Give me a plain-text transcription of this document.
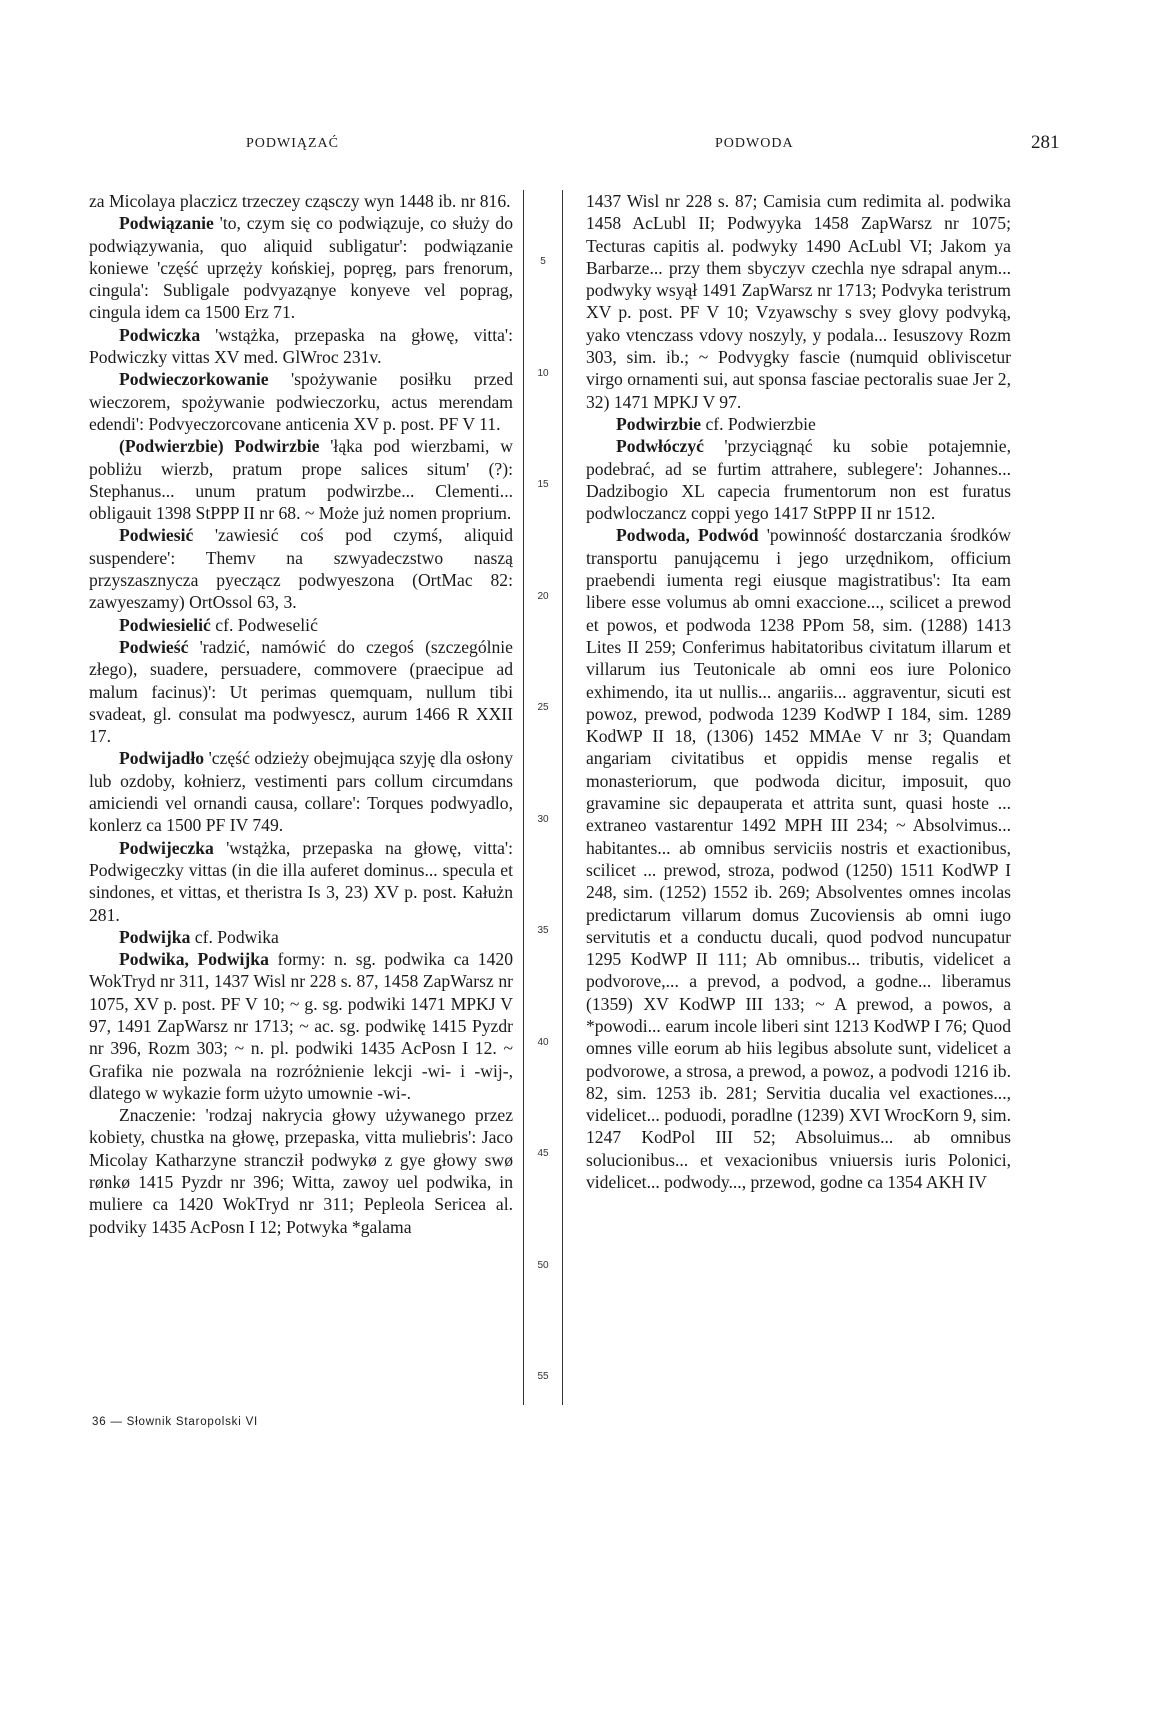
PODWIĄZAĆ	PODWODA	281

za Micolaya placzicz trzeczey cząsczy wyn 1448 ib. nr 816.

Podwiązanie 'to, czym się co podwiązuje, co służy do podwiązywania, quo aliquid subligatur': podwiązanie koniewe 'część uprzęży końskiej, popręg, pars frenorum, cingula': Subligale podvyaząnye konyeve vel poprag, cingula idem ca 1500 Erz 71.

Podwiczka 'wstążka, przepaska na głowę, vitta': Podwiczky vittas XV med. GlWroc 231v.

Podwieczorkowanie 'spożywanie posiłku przed wieczorem, spożywanie podwieczorku, actus merendam edendi': Podvyeczorcovane anticenia XV p. post. PF V 11.

(Podwierzbie) Podwirzbie 'łąka pod wierzbami, w pobliżu wierzb, pratum prope salices situm' (?): Stephanus... unum pratum podwirzbe... Clementi... obligauit 1398 StPPP II nr 68. ~ Może już nomen proprium.

Podwiesić 'zawiesić coś pod czymś, aliquid suspendere': Themv na szwyadeczstwo naszą przyszasznycza pyeczącz podwyeszona (OrtMac 82: zawyeszamy) OrtOssol 63, 3.

Podwiesielić cf. Podweselić

Podwieść 'radzić, namówić do czegoś (szczególnie złego), suadere, persuadere, commovere (praecipue ad malum facinus)': Ut perimas quemquam, nullum tibi svadeat, gl. consulat ma podwyescz, aurum 1466 R XXII 17.

Podwijadło 'część odzieży obejmująca szyję dla osłony lub ozdoby, kołnierz, vestimenti pars collum circumdans amiciendi vel ornandi causa, collare': Torques podwyadlo, konlerz ca 1500 PF IV 749.

Podwijeczka 'wstążka, przepaska na głowę, vitta': Podwigeczky vittas (in die illa auferet dominus... specula et sindones, et vittas, et theristra Is 3, 23) XV p. post. Kałużn 281.

Podwijka cf. Podwika

Podwika, Podwijka formy: n. sg. podwika ca 1420 WokTryd nr 311, 1437 Wisl nr 228 s. 87, 1458 ZapWarsz nr 1075, XV p. post. PF V 10; ~ g. sg. podwiki 1471 MPKJ V 97, 1491 ZapWarsz nr 1713; ~ ac. sg. podwikę 1415 Pyzdr nr 396, Rozm 303; ~ n. pl. podwiki 1435 AcPosn I 12. ~ Grafika nie pozwala na rozróżnienie lekcji -wi- i -wij-, dlatego w wykazie form użyto umownie -wi-.

Znaczenie: 'rodzaj nakrycia głowy używanego przez kobiety, chustka na głowę, przepaska, vitta muliebris': Jaco Micolay Katharzyne strancził podwykø z gye głowy swø rønkø 1415 Pyzdr nr 396; Witta, zawoy uel podwika, in muliere ca 1420 WokTryd nr 311; Pepleola Sericea al. podviky 1435 AcPosn I 12; Potwyka *galama

5
10
15
20
25
30
35
40
45
50
55

1437 Wisl nr 228 s. 87; Camisia cum redimita al. podwika 1458 AcLubl II; Podwyyka 1458 ZapWarsz nr 1075; Tecturas capitis al. podwyky 1490 AcLubl VI; Jakom ya Barbarze... przy them sbyczyv czechla nye sdrapal anym... podwyky wsyął 1491 ZapWarsz nr 1713; Podvyka teristrum XV p. post. PF V 10; Vzyawschy s svey glovy podvyką, yako vtenczass vdovy noszyly, y podala... Iesuszovy Rozm 303, sim. ib.; ~ Podvygky fascie (numquid obliviscetur virgo ornamenti sui, aut sponsa fasciae pectoralis suae Jer 2, 32) 1471 MPKJ V 97.

Podwirzbie cf. Podwierzbie

Podwłóczyć 'przyciągnąć ku sobie potajemnie, podebrać, ad se furtim attrahere, sublegere': Johannes... Dadzibogio XL capecia frumentorum non est furatus podwloczancz coppi yego 1417 StPPP II nr 1512.

Podwoda, Podwód 'powinność dostarczania środków transportu panującemu i jego urzędnikom, officium praebendi iumenta regi eiusque magistratibus': Ita eam libere esse volumus ab omni exaccione..., scilicet a prewod et powos, et podwoda 1238 PPom 58, sim. (1288) 1413 Lites II 259; Conferimus habitatoribus civitatum illarum et villarum ius Teutonicale ab omni eos iure Polonico exhimendo, ita ut nullis... angariis... aggraventur, sicuti est powoz, prewod, podwoda 1239 KodWP I 184, sim. 1289 KodWP II 18, (1306) 1452 MMAe V nr 3; Quandam angariam civitatibus et oppidis mense regalis et monasteriorum, que podwoda dicitur, imposuit, quo gravamine sic depauperata et attrita sunt, quasi hoste ... extraneo vastarentur 1492 MPH III 234; ~ Absolvimus... habitantes... ab omnibus serviciis nostris et exactionibus, scilicet ... prewod, stroza, podwod (1250) 1511 KodWP I 248, sim. (1252) 1552 ib. 269; Absolventes omnes incolas predictarum villarum domus Zucoviensis ab omni iugo servitutis et a conductu ducali, quod podvod nuncupatur 1295 KodWP II 111; Ab omnibus... tributis, videlicet a podvorove,... a prevod, a podvod, a godne... liberamus (1359) XV KodWP III 133; ~ A prewod, a powos, a *powodi... earum incole liberi sint 1213 KodWP I 76; Quod omnes ville eorum ab hiis legibus absolute sunt, videlicet a podvorowe, a strosa, a prewod, a powoz, a podvodi 1216 ib. 82, sim. 1253 ib. 281; Servitia ducalia vel exactiones..., videlicet... poduodi, poradlne (1239) XVI WrocKorn 9, sim. 1247 KodPol III 52; Absoluimus... ab omnibus solucionibus... et vexacionibus vniuersis iuris Polonici, videlicet... podwody..., przewod, godne ca 1354 AKH IV

36 — Słownik Staropolski VI
